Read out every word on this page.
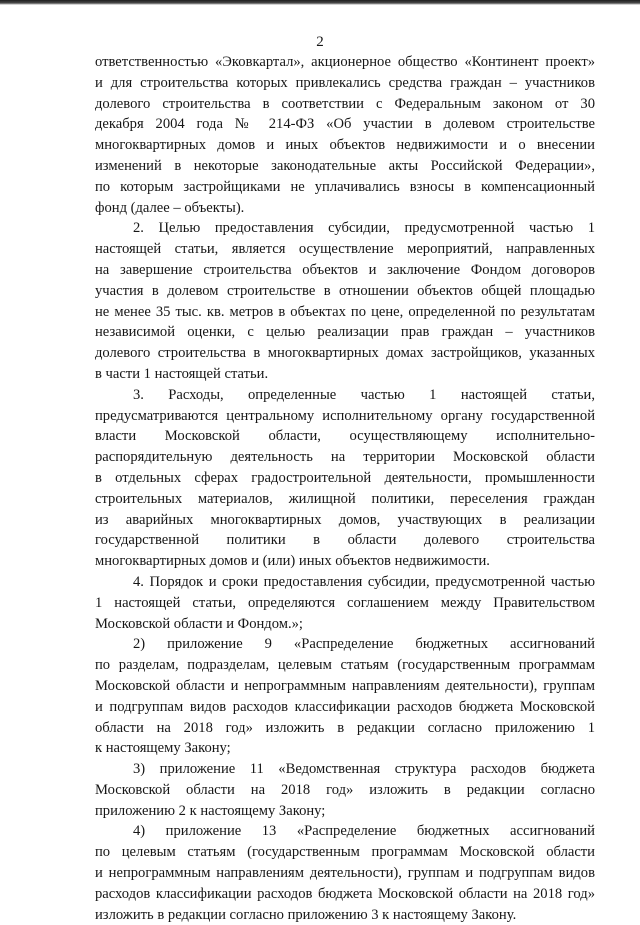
2
ответственностью «Эковкартал», акционерное общество «Континент проект»
и для строительства которых привлекались средства граждан – участников
долевого строительства в соответствии с Федеральным законом от 30
декабря 2004 года № 214-ФЗ «Об участии в долевом строительстве
многоквартирных домов и иных объектов недвижимости и о внесении
изменений в некоторые законодательные акты Российской Федерации»,
по которым застройщиками не уплачивались взносы в компенсационный
фонд (далее – объекты).
2. Целью предоставления субсидии, предусмотренной частью 1
настоящей статьи, является осуществление мероприятий, направленных
на завершение строительства объектов и заключение Фондом договоров
участия в долевом строительстве в отношении объектов общей площадью
не менее 35 тыс. кв. метров в объектах по цене, определенной по результатам
независимой оценки, с целью реализации прав граждан – участников
долевого строительства в многоквартирных домах застройщиков, указанных
в части 1 настоящей статьи.
3. Расходы, определенные частью 1 настоящей статьи,
предусматриваются центральному исполнительному органу государственной
власти Московской области, осуществляющему исполнительно-
распорядительную деятельность на территории Московской области
в отдельных сферах градостроительной деятельности, промышленности
строительных материалов, жилищной политики, переселения граждан
из аварийных многоквартирных домов, участвующих в реализации
государственной политики в области долевого строительства
многоквартирных домов и (или) иных объектов недвижимости.
4. Порядок и сроки предоставления субсидии, предусмотренной частью
1 настоящей статьи, определяются соглашением между Правительством
Московской области и Фондом.»;
2) приложение 9 «Распределение бюджетных ассигнований
по разделам, подразделам, целевым статьям (государственным программам
Московской области и непрограммным направлениям деятельности), группам
и подгруппам видов расходов классификации расходов бюджета Московской
области на 2018 год» изложить в редакции согласно приложению 1
к настоящему Закону;
3) приложение 11 «Ведомственная структура расходов бюджета
Московской области на 2018 год» изложить в редакции согласно
приложению 2 к настоящему Закону;
4) приложение 13 «Распределение бюджетных ассигнований
по целевым статьям (государственным программам Московской области
и непрограммным направлениям деятельности), группам и подгруппам видов
расходов классификации расходов бюджета Московской области на 2018 год»
изложить в редакции согласно приложению 3 к настоящему Закону.
